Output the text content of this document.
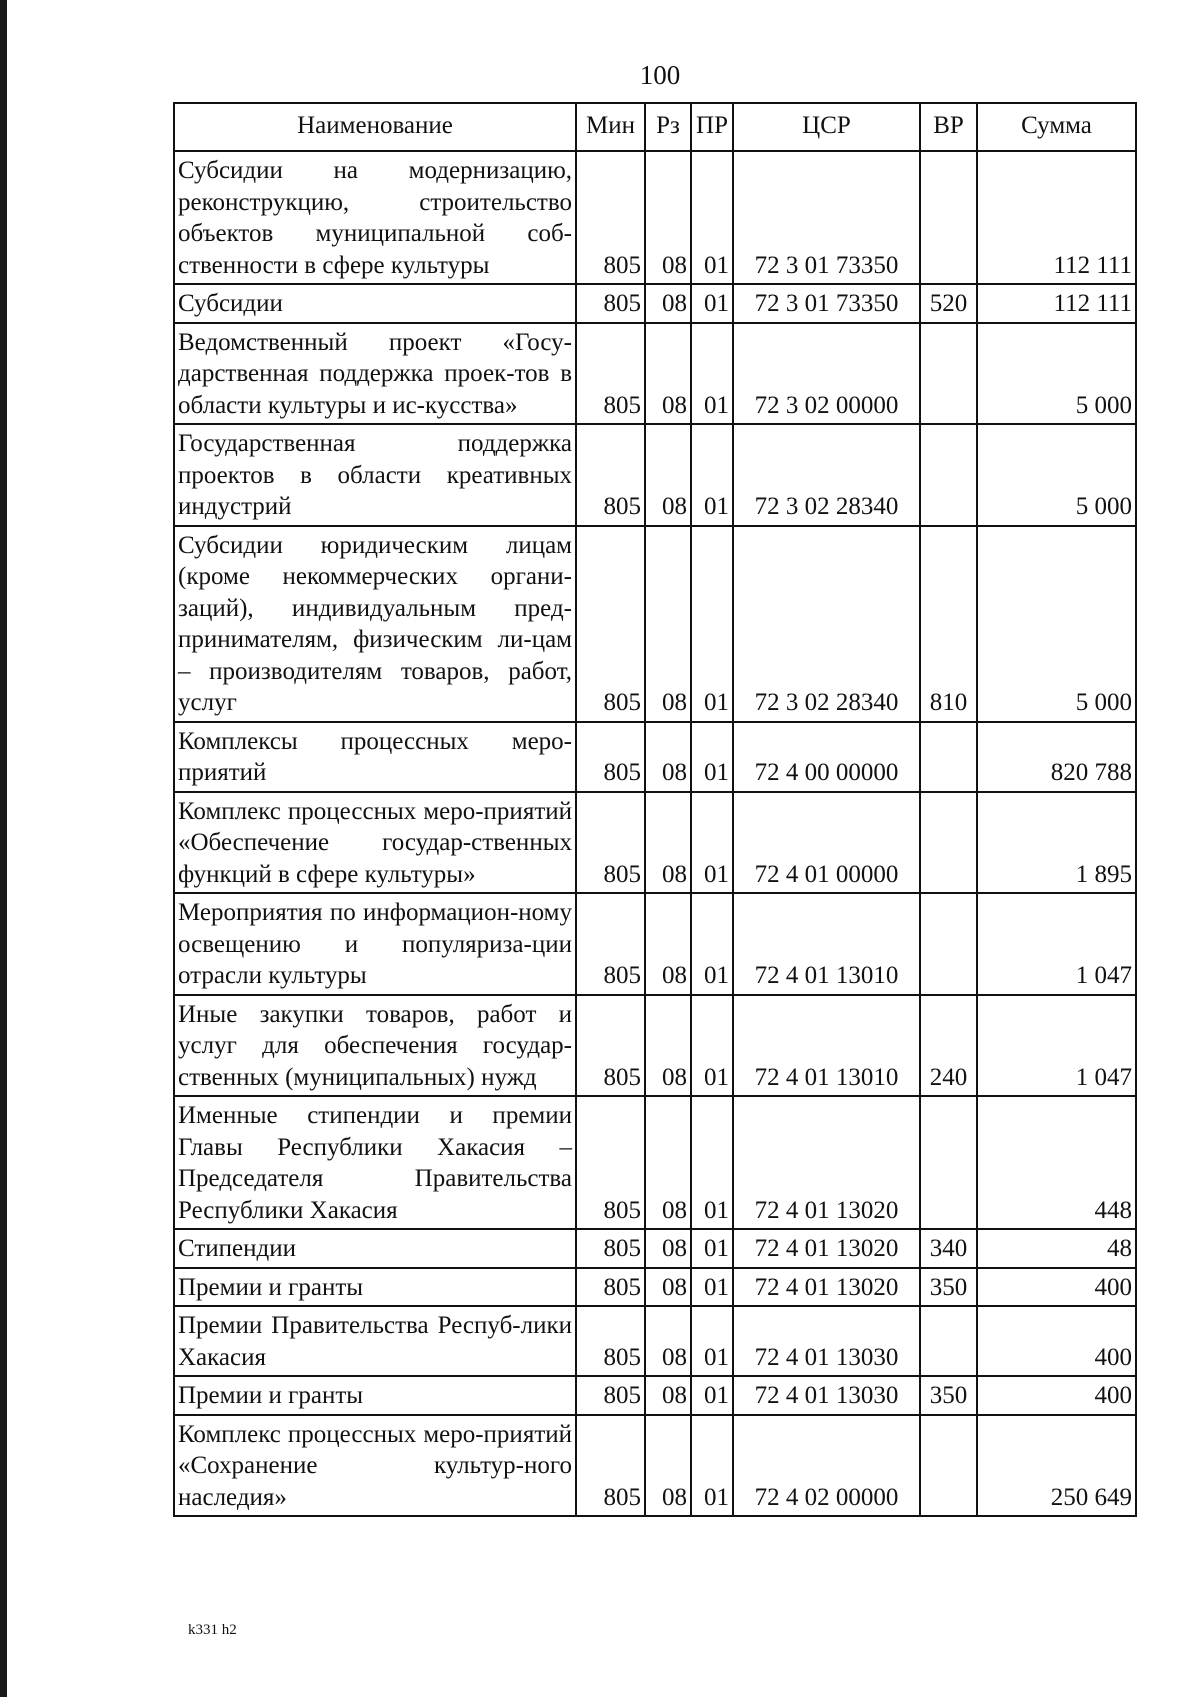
100
Наименование	Мин	Рз	ПР	ЦСР	ВР	Сумма
Субсидии на модернизацию, реконструкцию, строительство объектов муниципальной соб-ственности в сфере культуры	805	08	01	72 3 01 73350		112 111
Субсидии	805	08	01	72 3 01 73350	520	112 111
Ведомственный проект «Госу-дарственная поддержка проек-тов в области культуры и ис-кусства»	805	08	01	72 3 02 00000		5 000
Государственная поддержка проектов в области креативных индустрий	805	08	01	72 3 02 28340		5 000
Субсидии юридическим лицам (кроме некоммерческих органи-заций), индивидуальным пред-принимателям, физическим ли-цам – производителям товаров, работ, услуг	805	08	01	72 3 02 28340	810	5 000
Комплексы процессных меро-приятий	805	08	01	72 4 00 00000		820 788
Комплекс процессных меро-приятий «Обеспечение государ-ственных функций в сфере культуры»	805	08	01	72 4 01 00000		1 895
Мероприятия по информацион-ному освещению и популяриза-ции отрасли культуры	805	08	01	72 4 01 13010		1 047
Иные закупки товаров, работ и услуг для обеспечения государ-ственных (муниципальных) нужд	805	08	01	72 4 01 13010	240	1 047
Именные стипендии и премии Главы Республики Хакасия – Председателя Правительства Республики Хакасия	805	08	01	72 4 01 13020		448
Стипендии	805	08	01	72 4 01 13020	340	48
Премии и гранты	805	08	01	72 4 01 13020	350	400
Премии Правительства Респуб-лики Хакасия	805	08	01	72 4 01 13030		400
Премии и гранты	805	08	01	72 4 01 13030	350	400
Комплекс процессных меро-приятий «Сохранение культур-ного наследия»	805	08	01	72 4 02 00000		250 649
k331 h2
